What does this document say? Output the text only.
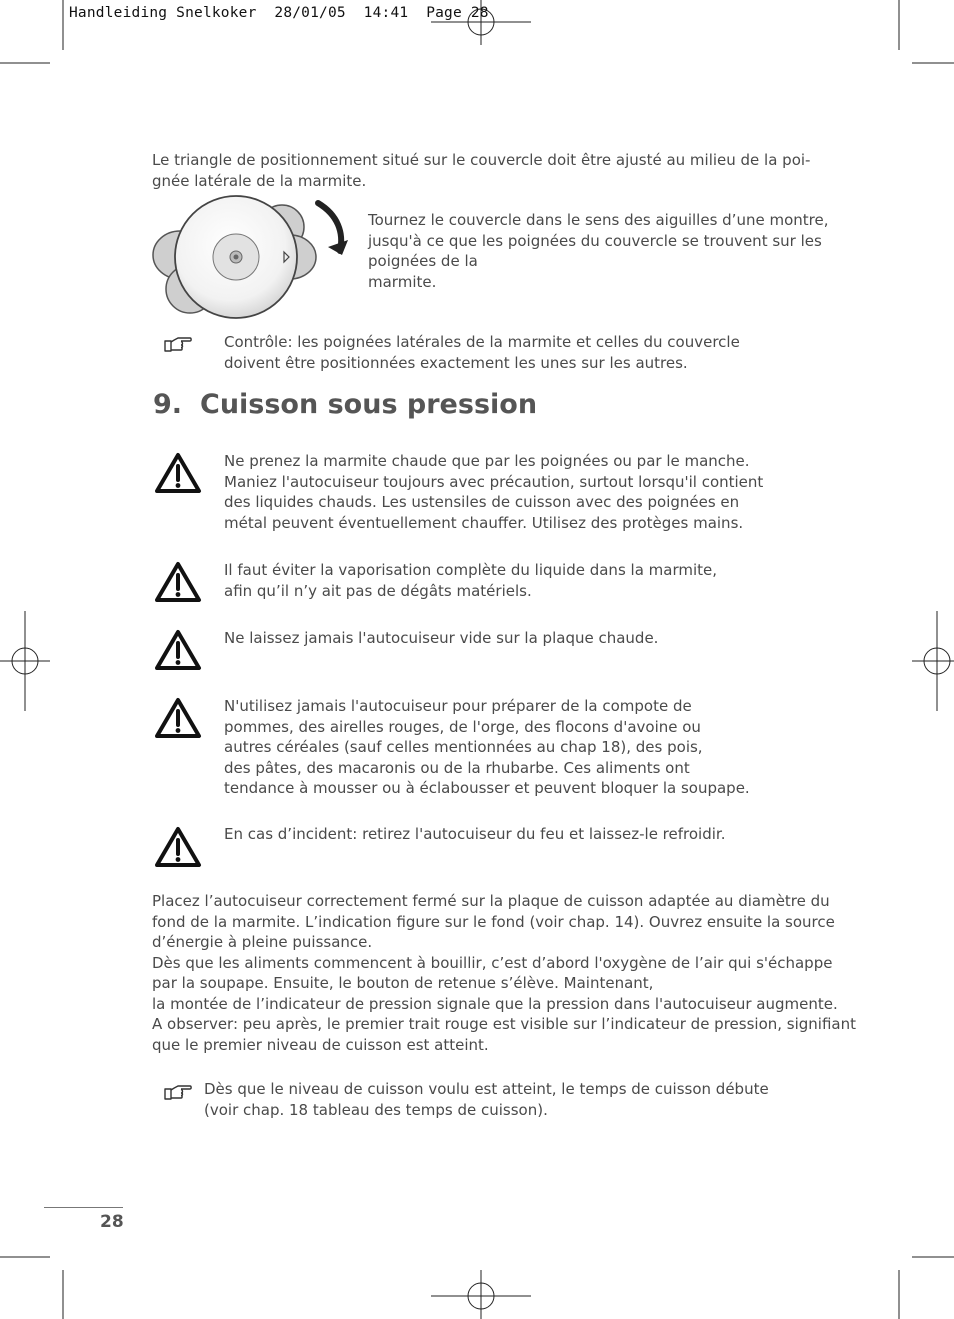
Handleiding Snelkoker  28/01/05  14:41  Page 28
Le triangle de positionnement situé sur le couvercle doit être ajusté au milieu de la poi-
gnée latérale de la marmite.
Tournez le couvercle dans le sens des aiguilles d’une montre,
jusqu'à ce que les poignées du couvercle se trouvent sur les
poignées de la
marmite.
Contrôle: les poignées latérales de la marmite et celles du couvercle
doivent être positionnées exactement les unes sur les autres.
9. Cuisson sous pression
Ne prenez la marmite chaude que par les poignées ou par le manche.
Maniez l'autocuiseur toujours avec précaution, surtout lorsqu'il contient
des liquides chauds. Les ustensiles de cuisson avec des poignées en
métal peuvent éventuellement chauffer. Utilisez des protèges mains.
Il faut éviter la vaporisation complète du liquide dans la marmite,
afin qu’il n’y ait pas de dégâts matériels.
Ne laissez jamais l'autocuiseur vide sur la plaque chaude.
N'utilisez jamais l'autocuiseur pour préparer de la compote de
pommes, des airelles rouges, de l'orge, des flocons d'avoine ou
autres céréales (sauf celles mentionnées au chap 18), des pois,
des pâtes, des macaronis ou de la rhubarbe. Ces aliments ont
tendance à mousser ou à éclabousser et peuvent bloquer la soupape.
En cas d’incident: retirez l'autocuiseur du feu et laissez-le refroidir.
Placez l’autocuiseur correctement fermé sur la plaque de cuisson adaptée au diamètre du
fond de la marmite. L’indication figure sur le fond (voir chap. 14). Ouvrez ensuite la source
d’énergie à pleine puissance.
Dès que les aliments commencent à bouillir, c’est d’abord l'oxygène de l’air qui s'échappe
par la soupape. Ensuite, le bouton de retenue s’élève. Maintenant,
la montée de l’indicateur de pression signale que la pression dans l'autocuiseur augmente.
A observer: peu après, le premier trait rouge est visible sur l’indicateur de pression, signifiant
que le premier niveau de cuisson est atteint.
Dès que le niveau de cuisson voulu est atteint, le temps de cuisson débute
(voir chap. 18 tableau des temps de cuisson).
28
